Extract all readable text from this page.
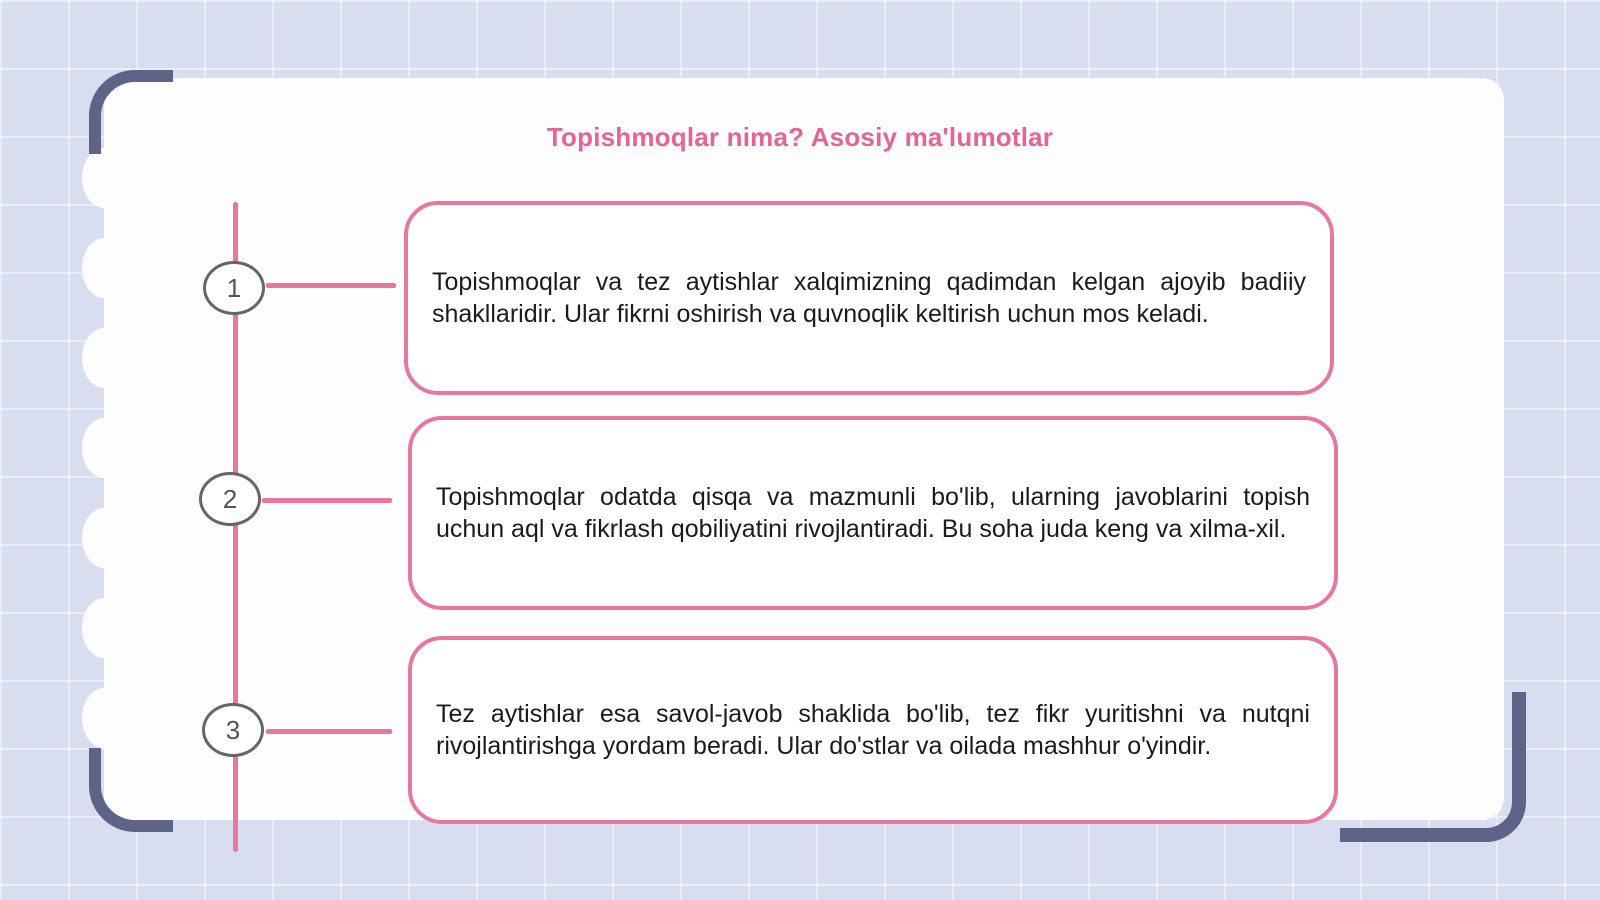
Topishmoqlar nima? Asosiy ma'lumotlar
1	Topishmoqlar va tez aytishlar xalqimizning qadimdan kelgan ajoyib badiiy shakllaridir. Ular fikrni oshirish va quvnoqlik keltirish uchun mos keladi.

2	Topishmoqlar odatda qisqa va mazmunli bo'lib, ularning javoblarini topish uchun aql va fikrlash qobiliyatini rivojlantiradi. Bu soha juda keng va xilma-xil.

3

Tez aytishlar esa savol-javob shaklida bo'lib, tez fikr yuritishni va nutqni rivojlantirishga yordam beradi. Ular do'stlar va oilada mashhur o'yindir.
